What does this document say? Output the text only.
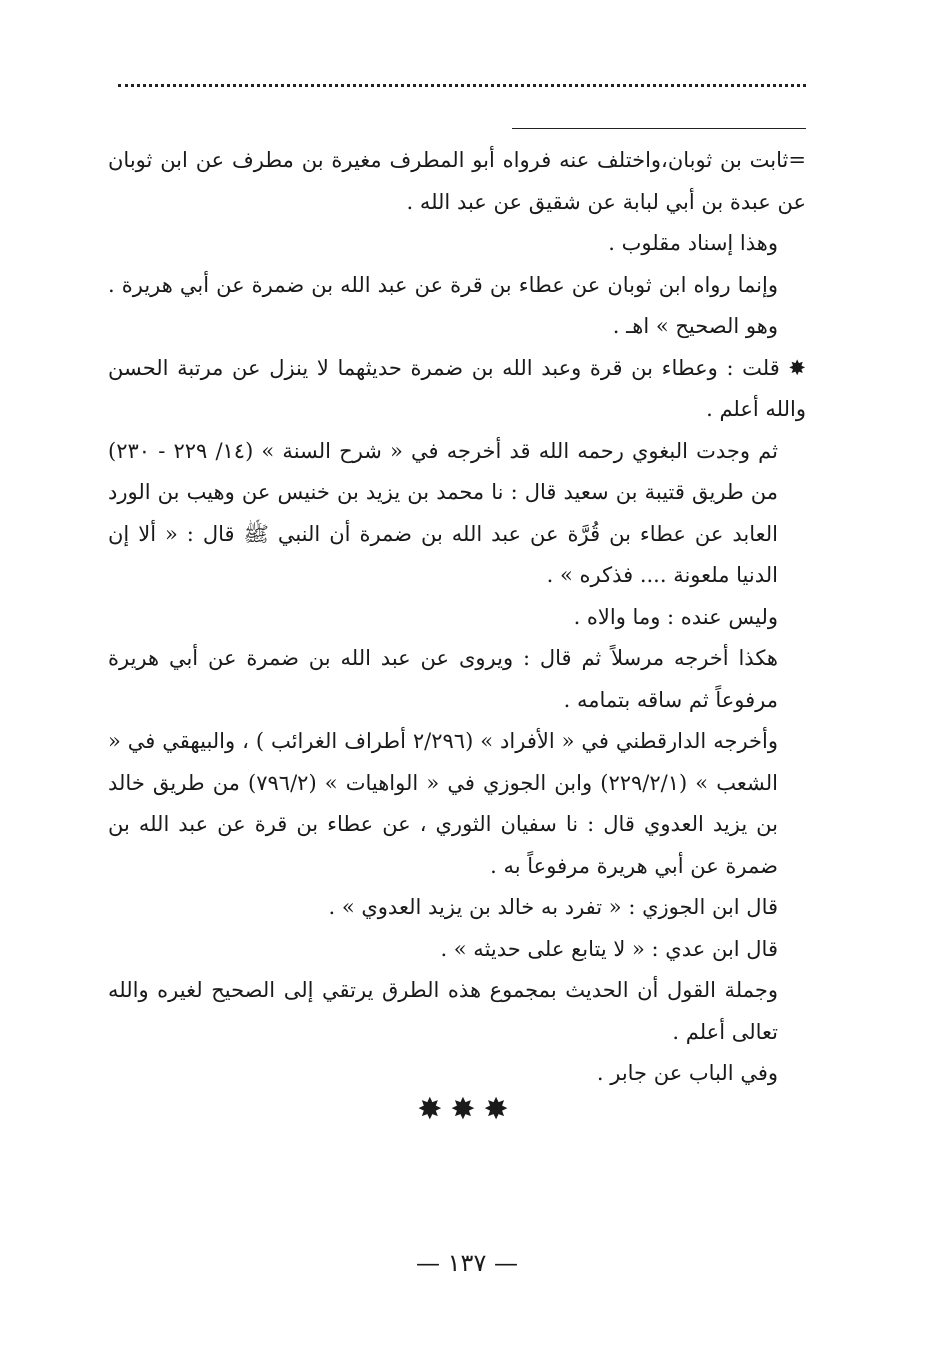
=ثابت بن ثوبان،واختلف عنه فرواه أبو المطرف مغيرة بن مطرف عن ابن ثوبان عن عبدة بن أبي لبابة عن شقيق عن عبد الله .

وهذا إسناد مقلوب .

وإنما رواه ابن ثوبان عن عطاء بن قرة عن عبد الله بن ضمرة عن أبي هريرة . وهو الصحيح » اهـ .

✸ قلت : وعطاء بن قرة وعبد الله بن ضمرة حديثهما لا ينزل عن مرتبة الحسن والله أعلم .

ثم وجدت البغوي رحمه الله قد أخرجه في « شرح السنة » (١٤/ ٢٢٩ - ٢٣٠) من طريق قتيبة بن سعيد قال : نا محمد بن يزيد بن خنيس عن وهيب بن الورد العابد عن عطاء بن قُرَّة عن عبد الله بن ضمرة أن النبي ﷺ قال : « ألا إن الدنيا ملعونة .... فذكره » .

وليس عنده : وما والاه .

هكذا أخرجه مرسلاً ثم قال : ويروى عن عبد الله بن ضمرة عن أبي هريرة مرفوعاً ثم ساقه بتمامه .

وأخرجه الدارقطني في « الأفراد » (٢/٢٩٦ أطراف الغرائب ) ، والبيهقي في « الشعب » (٢٢٩/٢/١) وابن الجوزي في « الواهيات » (٧٩٦/٢) من طريق خالد بن يزيد العدوي قال : نا سفيان الثوري ، عن عطاء بن قرة عن عبد الله بن ضمرة عن أبي هريرة مرفوعاً به .

قال ابن الجوزي : « تفرد به خالد بن يزيد العدوي » .

قال ابن عدي : « لا يتابع على حديثه » .

وجملة القول أن الحديث بمجموع هذه الطرق يرتقي إلى الصحيح لغيره والله تعالى أعلم .

وفي الباب عن جابر .

✸✸✸
— ١٣٧ —
